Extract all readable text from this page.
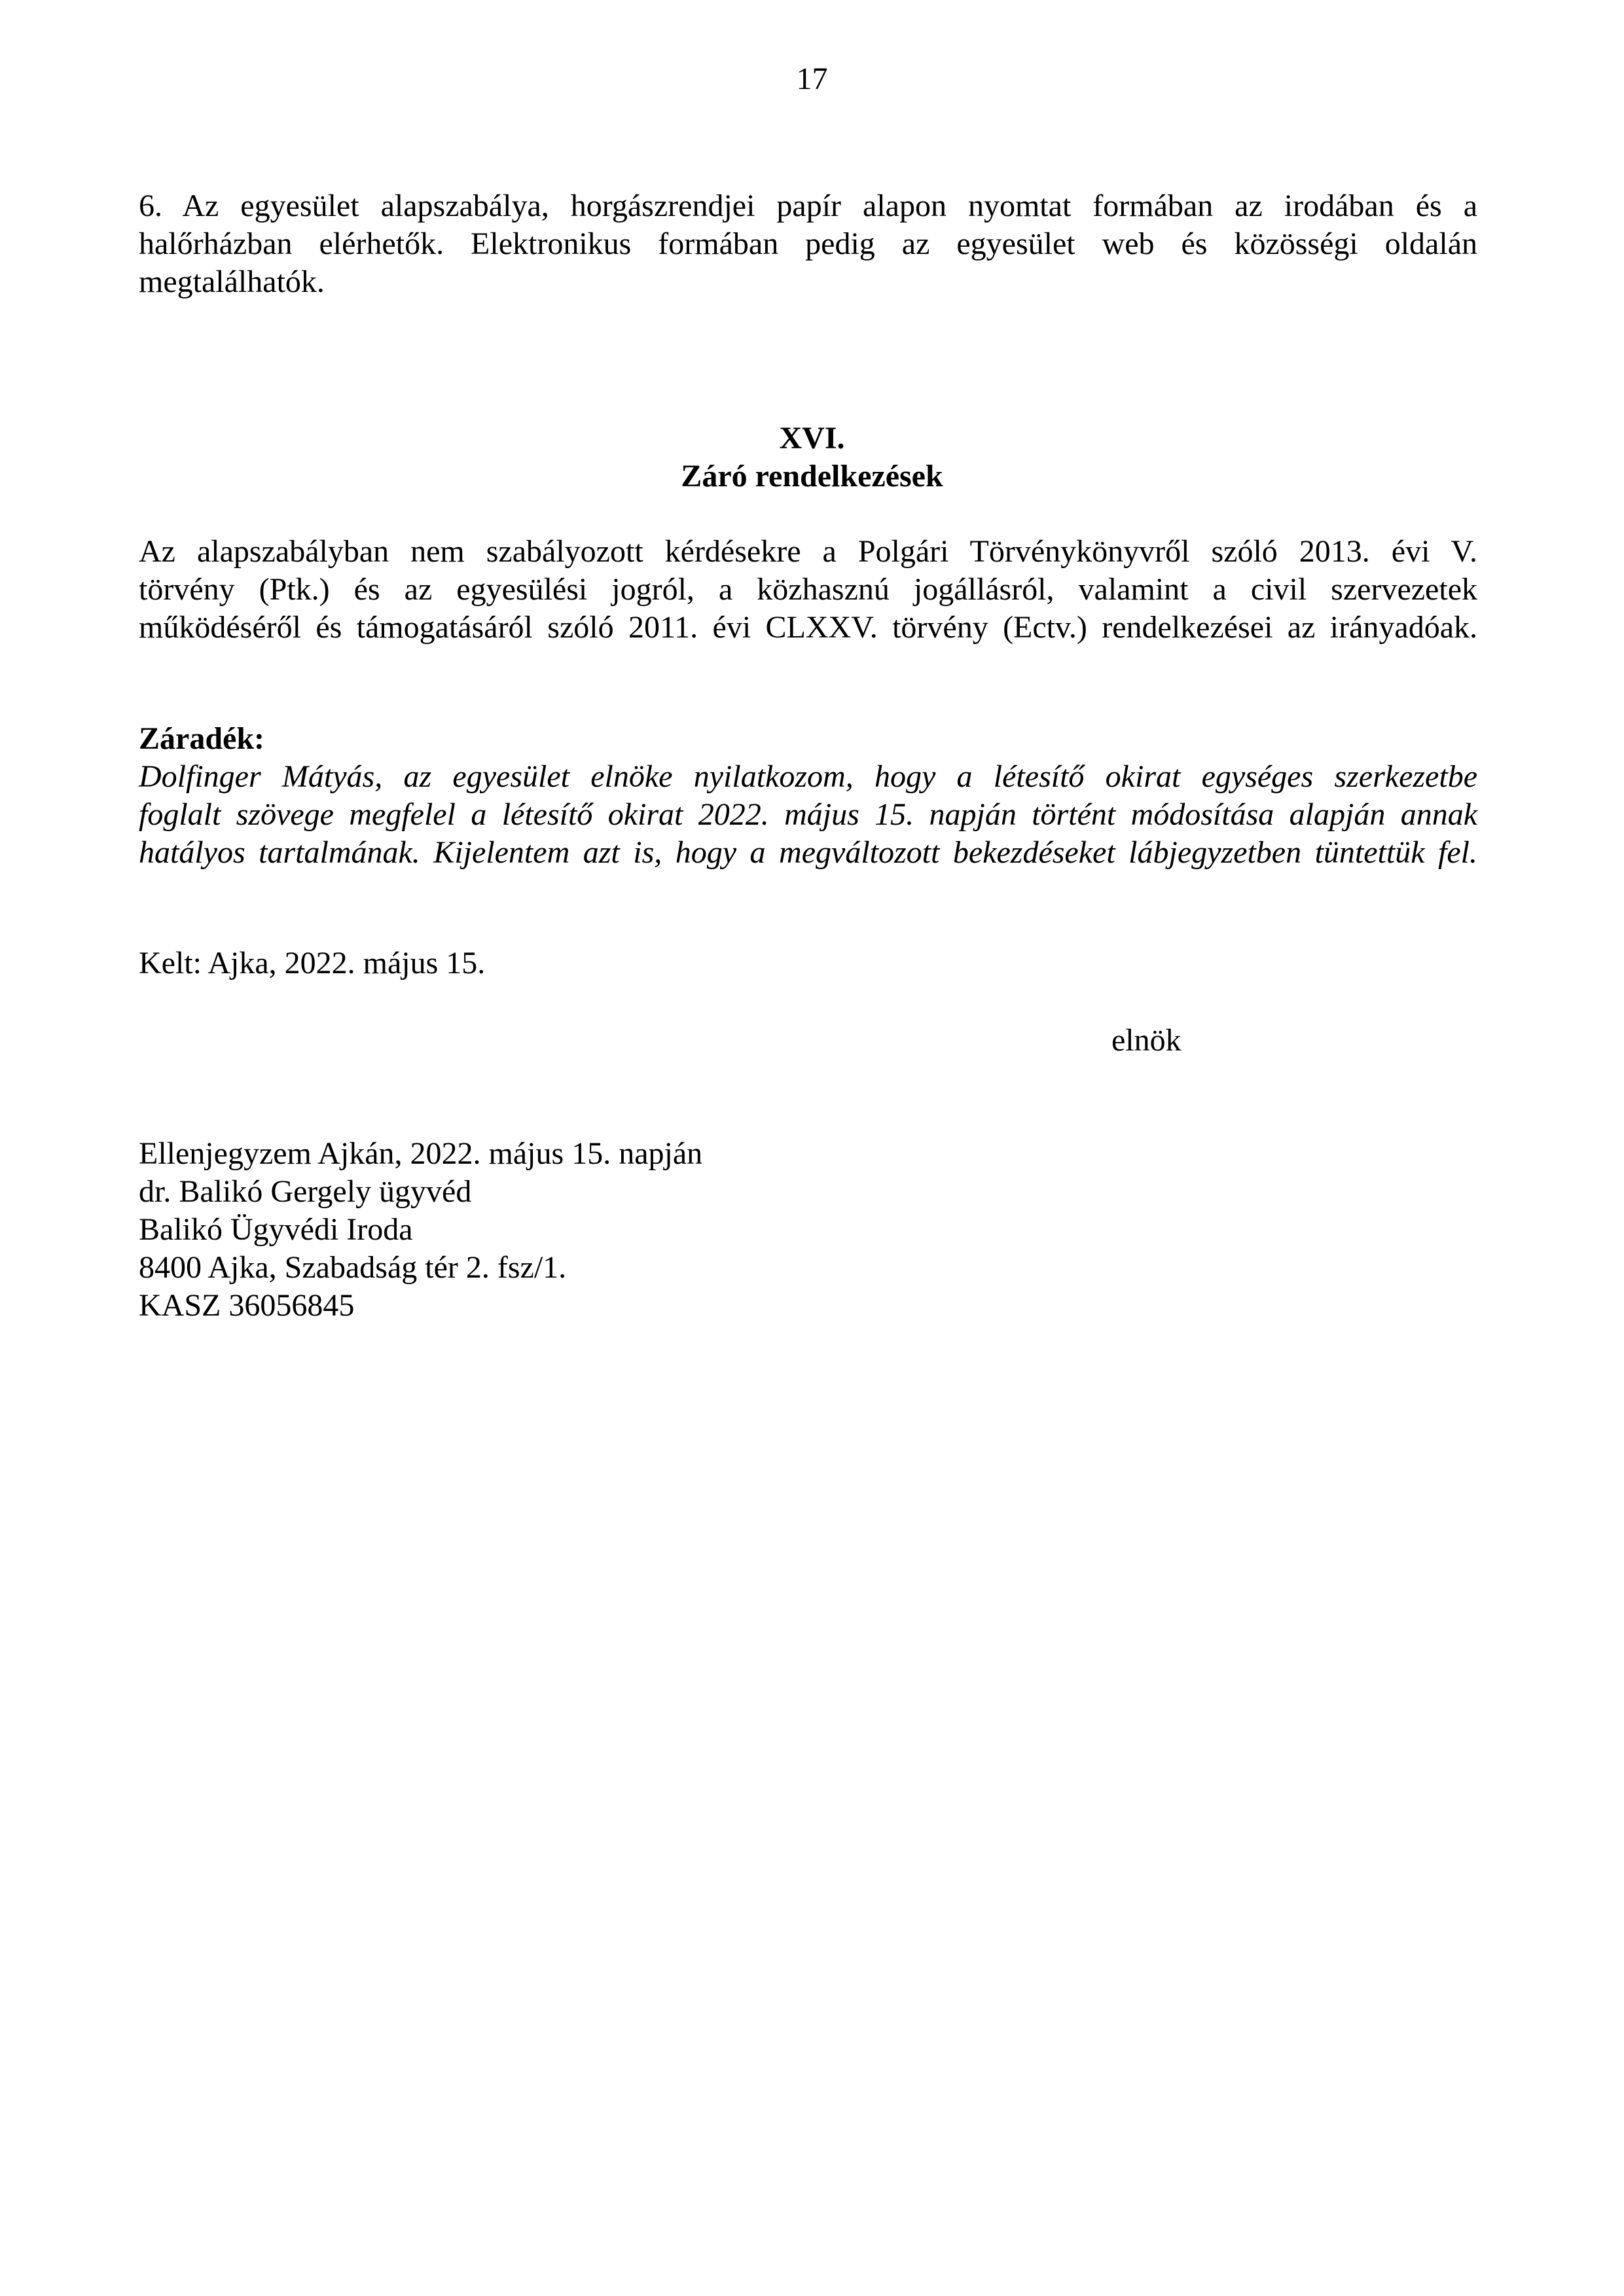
17
6. Az egyesület alapszabálya, horgászrendjei papír alapon nyomtat formában az irodában és a
halőrházban elérhetők. Elektronikus formában pedig az egyesület web és közösségi oldalán
megtalálhatók.
XVI.
Záró rendelkezések
Az alapszabályban nem szabályozott kérdésekre a Polgári Törvénykönyvről szóló 2013. évi V.
törvény (Ptk.) és az egyesülési jogról, a közhasznú jogállásról, valamint a civil szervezetek
működéséről és támogatásáról szóló 2011. évi CLXXV. törvény (Ectv.) rendelkezései az irányadóak.
Záradék:
Dolfinger Mátyás, az egyesület elnöke nyilatkozom, hogy a létesítő okirat egységes szerkezetbe
foglalt szövege megfelel a létesítő okirat 2022. május 15. napján történt módosítása alapján annak
hatályos tartalmának. Kijelentem azt is, hogy a megváltozott bekezdéseket lábjegyzetben tüntettük fel.
Kelt: Ajka, 2022. május 15.
elnök
Ellenjegyzem Ajkán, 2022. május 15. napján
dr. Balikó Gergely ügyvéd
Balikó Ügyvédi Iroda
8400 Ajka, Szabadság tér 2. fsz/1.
KASZ 36056845
